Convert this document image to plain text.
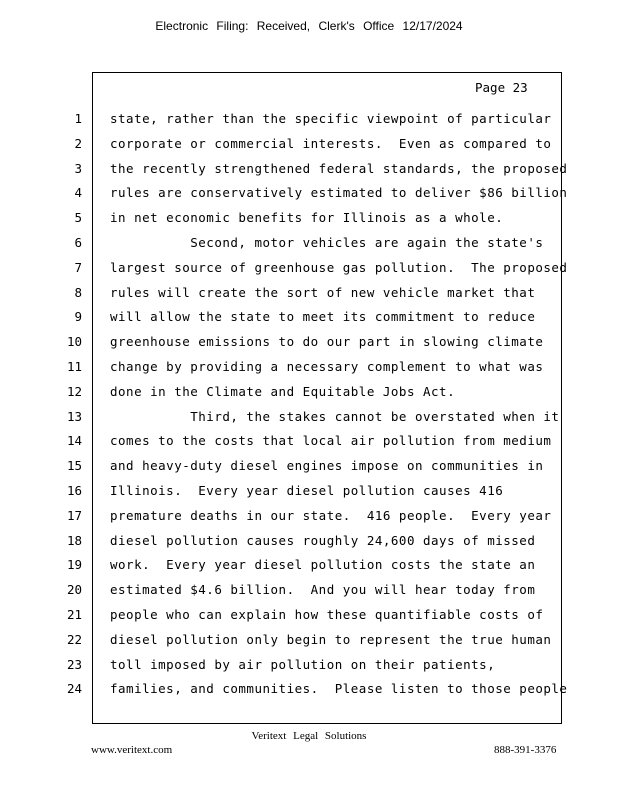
Electronic Filing: Received, Clerk's Office 12/17/2024
Page 23
1 state, rather than the specific viewpoint of particular
2 corporate or commercial interests.  Even as compared to
3 the recently strengthened federal standards, the proposed
4 rules are conservatively estimated to deliver $86 billion
5 in net economic benefits for Illinois as a whole.
6 Second, motor vehicles are again the state's
7 largest source of greenhouse gas pollution.  The proposed
8 rules will create the sort of new vehicle market that
9 will allow the state to meet its commitment to reduce
10 greenhouse emissions to do our part in slowing climate
11 change by providing a necessary complement to what was
12 done in the Climate and Equitable Jobs Act.
13 Third, the stakes cannot be overstated when it
14 comes to the costs that local air pollution from medium
15 and heavy-duty diesel engines impose on communities in
16 Illinois.  Every year diesel pollution causes 416
17 premature deaths in our state.  416 people.  Every year
18 diesel pollution causes roughly 24,600 days of missed
19 work.  Every year diesel pollution costs the state an
20 estimated $4.6 billion.  And you will hear today from
21 people who can explain how these quantifiable costs of
22 diesel pollution only begin to represent the true human
23 toll imposed by air pollution on their patients,
24 families, and communities.  Please listen to those people
Veritext Legal Solutions
www.veritext.com	888-391-3376
